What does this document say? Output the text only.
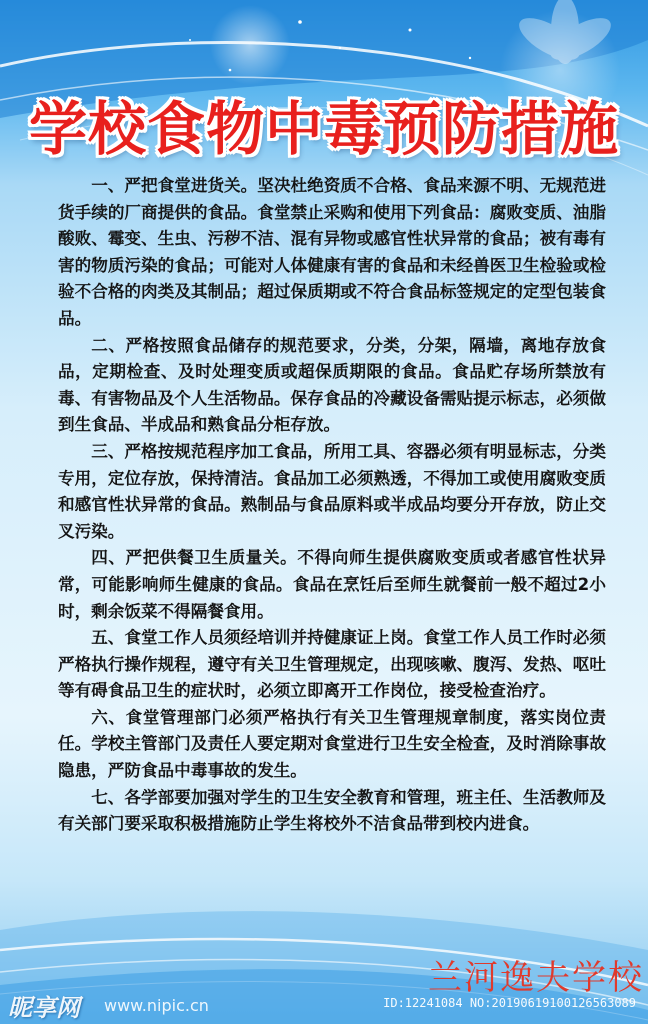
学校食物中毒预防措施

一、严把食堂进货关。坚决杜绝资质不合格、食品来源不明、无规范进货手续的厂商提供的食品。食堂禁止采购和使用下列食品：腐败变质、油脂酸败、霉变、生虫、污秽不洁、混有异物或感官性状异常的食品；被有毒有害的物质污染的食品；可能对人体健康有害的食品和未经兽医卫生检验或检验不合格的肉类及其制品；超过保质期或不符合食品标签规定的定型包装食品。

二、严格按照食品储存的规范要求，分类，分架，隔墙，离地存放食品，定期检查、及时处理变质或超保质期限的食品。食品贮存场所禁放有毒、有害物品及个人生活物品。保存食品的冷藏设备需贴提示标志，必须做到生食品、半成品和熟食品分柜存放。

三、严格按规范程序加工食品，所用工具、容器必须有明显标志，分类专用，定位存放，保持清洁。食品加工必须熟透，不得加工或使用腐败变质和感官性状异常的食品。熟制品与食品原料或半成品均要分开存放，防止交叉污染。

四、严把供餐卫生质量关。不得向师生提供腐败变质或者感官性状异常，可能影响师生健康的食品。食品在烹饪后至师生就餐前一般不超过2小时，剩余饭菜不得隔餐食用。

五、食堂工作人员须经培训并持健康证上岗。食堂工作人员工作时必须严格执行操作规程，遵守有关卫生管理规定，出现咳嗽、腹泻、发热、呕吐等有碍食品卫生的症状时，必须立即离开工作岗位，接受检查治疗。

六、食堂管理部门必须严格执行有关卫生管理规章制度，落实岗位责任。学校主管部门及责任人要定期对食堂进行卫生安全检查，及时消除事故隐患，严防食品中毒事故的发生。

七、各学部要加强对学生的卫生安全教育和管理，班主任、生活教师及有关部门要采取积极措施防止学生将校外不洁食品带到校内进食。

兰河逸夫学校
昵享网 www.nipic.cn	ID:12241084 NO:20190619100126563089
